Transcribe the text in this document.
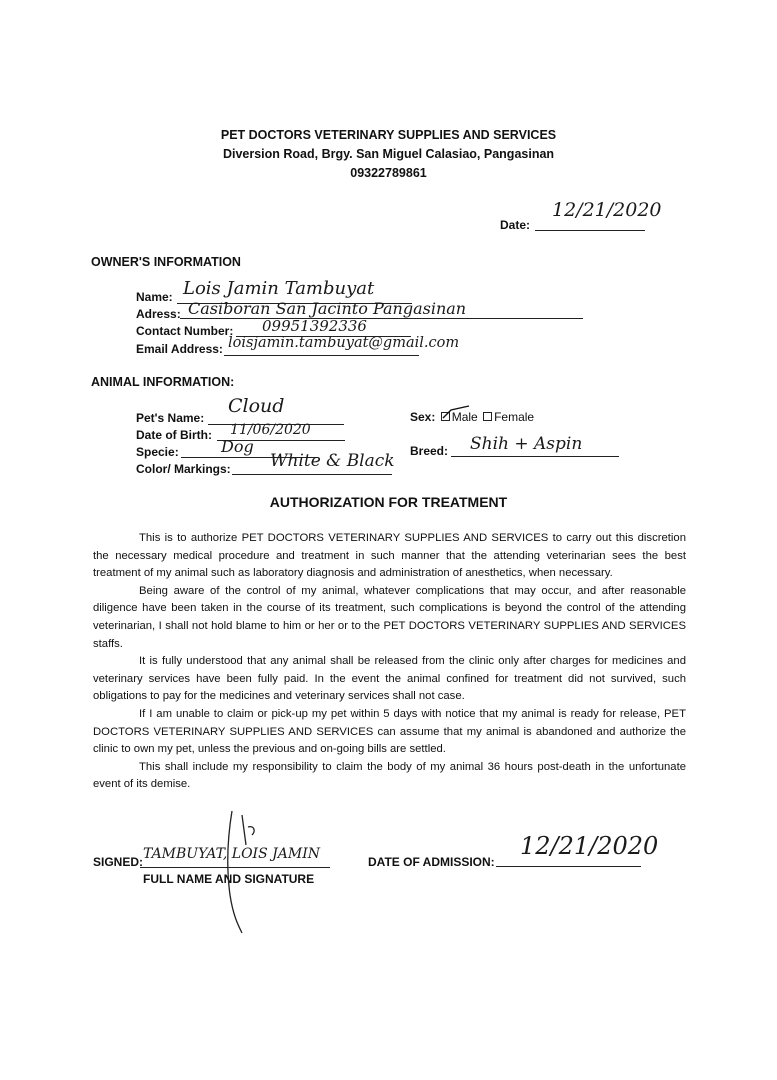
PET DOCTORS VETERINARY SUPPLIES AND SERVICES
Diversion Road, Brgy. San Miguel Calasiao, Pangasinan
09322789861
Date:
12/21/2020
OWNER'S INFORMATION
Name: Lois Jamin Tambuyat
Adress: Casiboran San Jacinto Pangasinan
Contact Number: 09951392336
Email Address: loisjamin.tambuyat@gmail.com
ANIMAL INFORMATION:
Pet's Name:
Cloud
Date of Birth: 11/06/2020
Specie:	Dog
Color/ Markings: White & Black
Sex: Male Female
Breed: Shih + Aspin
AUTHORIZATION FOR TREATMENT

This is to authorize PET DOCTORS VETERINARY SUPPLIES AND SERVICES to carry out this discretion the necessary medical procedure and treatment in such manner that the attending veterinarian sees the best treatment of my animal such as laboratory diagnosis and administration of anesthetics, when necessary.

Being aware of the control of my animal, whatever complications that may occur, and after reasonable diligence have been taken in the course of its treatment, such complications is beyond the control of the attending veterinarian, I shall not hold blame to him or her or to the PET DOCTORS VETERINARY SUPPLIES AND SERVICES staffs.

It is fully understood that any animal shall be released from the clinic only after charges for medicines and veterinary services have been fully paid. In the event the animal confined for treatment did not survived, such obligations to pay for the medicines and veterinary services shall not case.

If I am unable to claim or pick-up my pet within 5 days with notice that my animal is ready for release, PET DOCTORS VETERINARY SUPPLIES AND SERVICES can assume that my animal is abandoned and authorize the clinic to own my pet, unless the previous and on-going bills are settled.

This shall include my responsibility to claim the body of my animal 36 hours post-death in the unfortunate event of its demise.

SIGNED: TAMBUYAT, LOIS JAMIN
FULL NAME AND SIGNATURE
DATE OF ADMISSION:
12/21/2020
